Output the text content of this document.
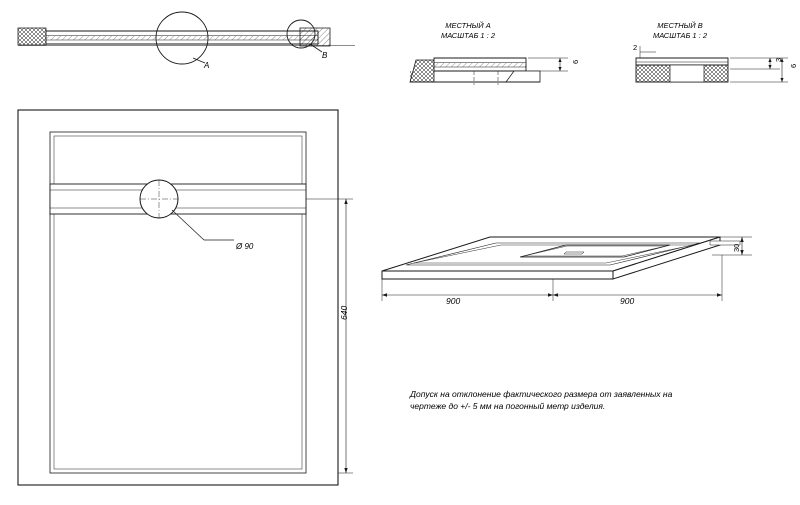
А
B
МЕСТНЫЙ А
МАСШТАБ 1 : 2
6
МЕСТНЫЙ B
МАСШТАБ 1 : 2
2
3
6
Ø 90
640
900	900
30
Допуск на отклонение фактического размера от заявленных на
чертеже до +/- 5 мм на погонный метр изделия.
